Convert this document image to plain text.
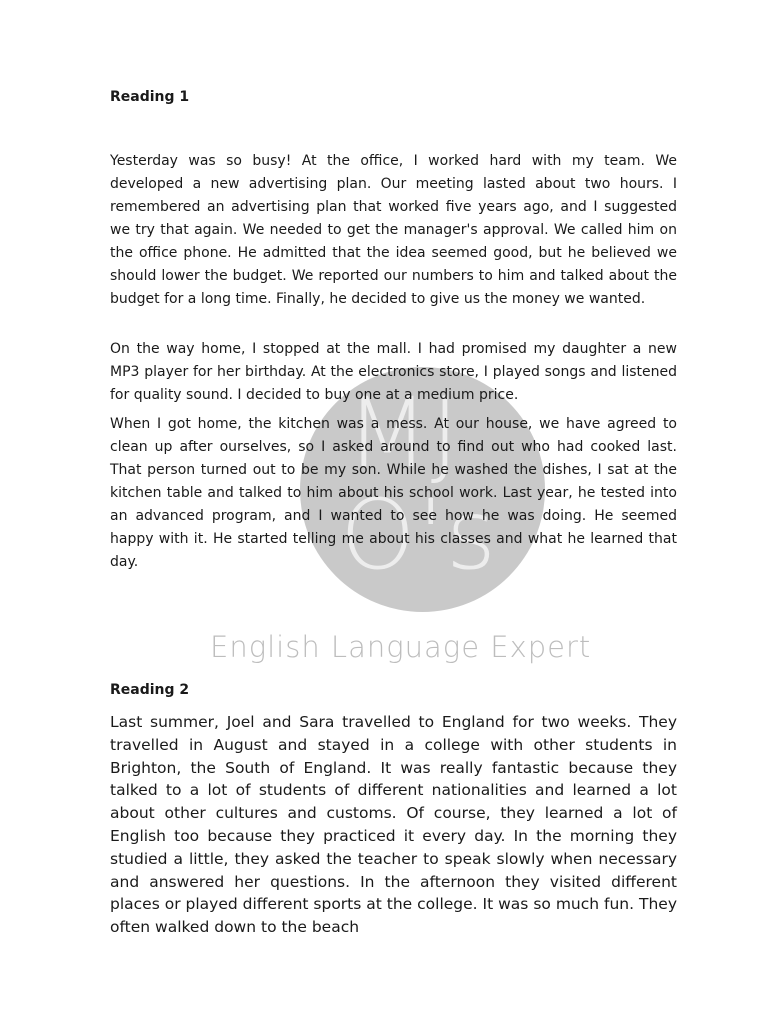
MJ
O's
English Language Expert
Reading 1

Yesterday was so busy! At the office, I worked hard with my team. We developed a new advertising plan. Our meeting lasted about two hours. I remembered an advertising plan that worked five years ago, and I suggested we try that again. We needed to get the manager's approval. We called him on the office phone. He admitted that the idea seemed good, but he believed we should lower the budget. We reported our numbers to him and talked about the budget for a long time. Finally, he decided to give us the money we wanted.

On the way home, I stopped at the mall. I had promised my daughter a new MP3 player for her birthday. At the electronics store, I played songs and listened for quality sound. I decided to buy one at a medium price.

When I got home, the kitchen was a mess. At our house, we have agreed to clean up after ourselves, so I asked around to find out who had cooked last. That person turned out to be my son. While he washed the dishes, I sat at the kitchen table and talked to him about his school work. Last year, he tested into an advanced program, and I wanted to see how he was doing. He seemed happy with it. He started telling me about his classes and what he learned that day.

Reading 2

Last summer, Joel and Sara travelled to England for two weeks. They travelled in August and stayed in a college with other students in Brighton, the South of England. It was really fantastic because they talked to a lot of students of different nationalities and learned a lot about other cultures and customs. Of course, they learned a lot of English too because they practiced it every day. In the morning they studied a little, they asked the teacher to speak slowly when necessary and answered her questions. In the afternoon they visited different places or played different sports at the college. It was so much fun. They often walked down to the beach
